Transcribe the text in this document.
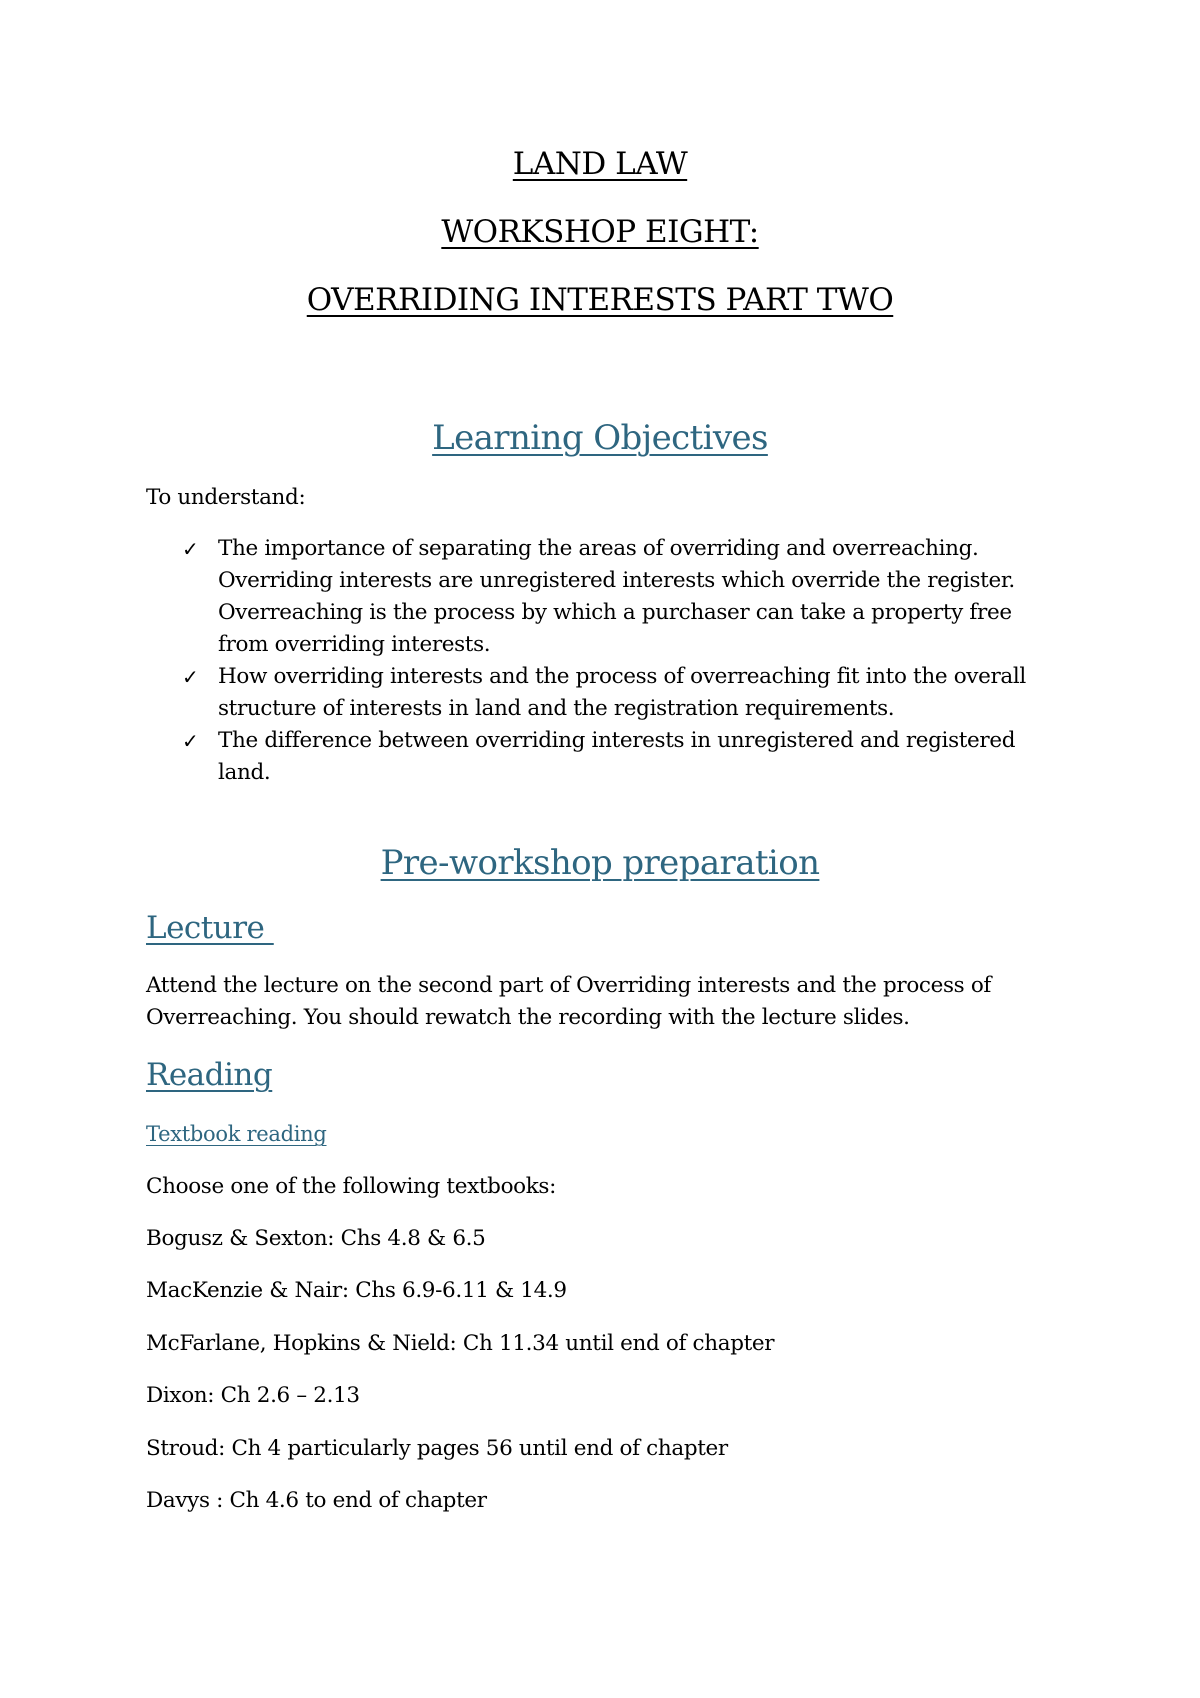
LAND LAW
WORKSHOP EIGHT:
OVERRIDING INTERESTS PART TWO
Learning Objectives
To understand:
✓ The importance of separating the areas of overriding and overreaching. Overriding interests are unregistered interests which override the register. Overreaching is the process by which a purchaser can take a property free from overriding interests.
✓ How overriding interests and the process of overreaching fit into the overall structure of interests in land and the registration requirements.
✓ The difference between overriding interests in unregistered and registered land.
Pre-workshop preparation
Lecture
Attend the lecture on the second part of Overriding interests and the process of Overreaching. You should rewatch the recording with the lecture slides.
Reading
Textbook reading
Choose one of the following textbooks:
Bogusz & Sexton: Chs 4.8 & 6.5
MacKenzie & Nair: Chs 6.9-6.11 & 14.9
McFarlane, Hopkins & Nield: Ch 11.34 until end of chapter
Dixon: Ch 2.6 – 2.13
Stroud: Ch 4 particularly pages 56 until end of chapter
Davys : Ch 4.6 to end of chapter
